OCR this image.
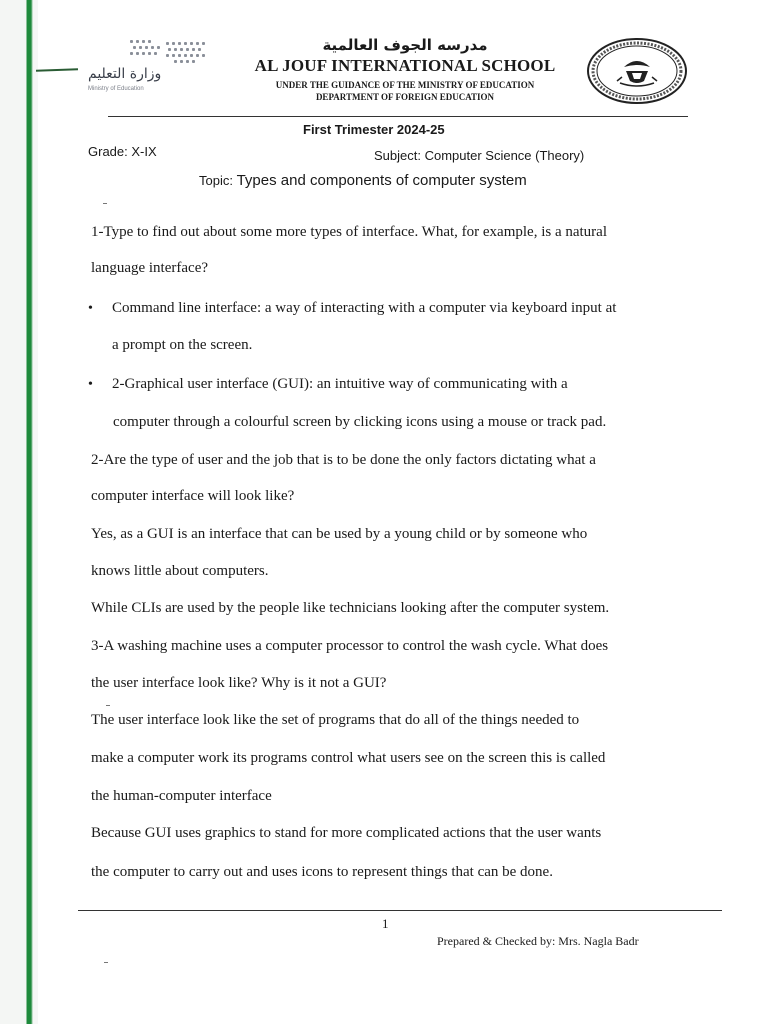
وزارة التعليم
Ministry of Education
مدرسه الجوف العالمية
AL JOUF INTERNATIONAL SCHOOL
UNDER THE GUIDANCE OF THE MINISTRY OF EDUCATION
DEPARTMENT OF FOREIGN EDUCATION
First Trimester 2024-25
Grade: X-IX	Subject: Computer Science (Theory)
Topic: Types and components of computer system

1-Type to find out about some more types of interface. What, for example, is a natural

language interface?

• Command line interface: a way of interacting with a computer via keyboard input at

a prompt on the screen.

• 2-Graphical user interface (GUI): an intuitive way of communicating with a

computer through a colourful screen by clicking icons using a mouse or track pad.

2-Are the type of user and the job that is to be done the only factors dictating what a

computer interface will look like?

Yes, as a GUI is an interface that can be used by a young child or by someone who

knows little about computers.

While CLIs are used by the people like technicians looking after the computer system.

3-A washing machine uses a computer processor to control the wash cycle. What does

the user interface look like? Why is it not a GUI?

The user interface look like the set of programs that do all of the things needed to

make a computer work its programs control what users see on the screen this is called

the human-computer interface

Because GUI uses graphics to stand for more complicated actions that the user wants

the computer to carry out and uses icons to represent things that can be done.

1
Prepared & Checked by: Mrs. Nagla Badr
